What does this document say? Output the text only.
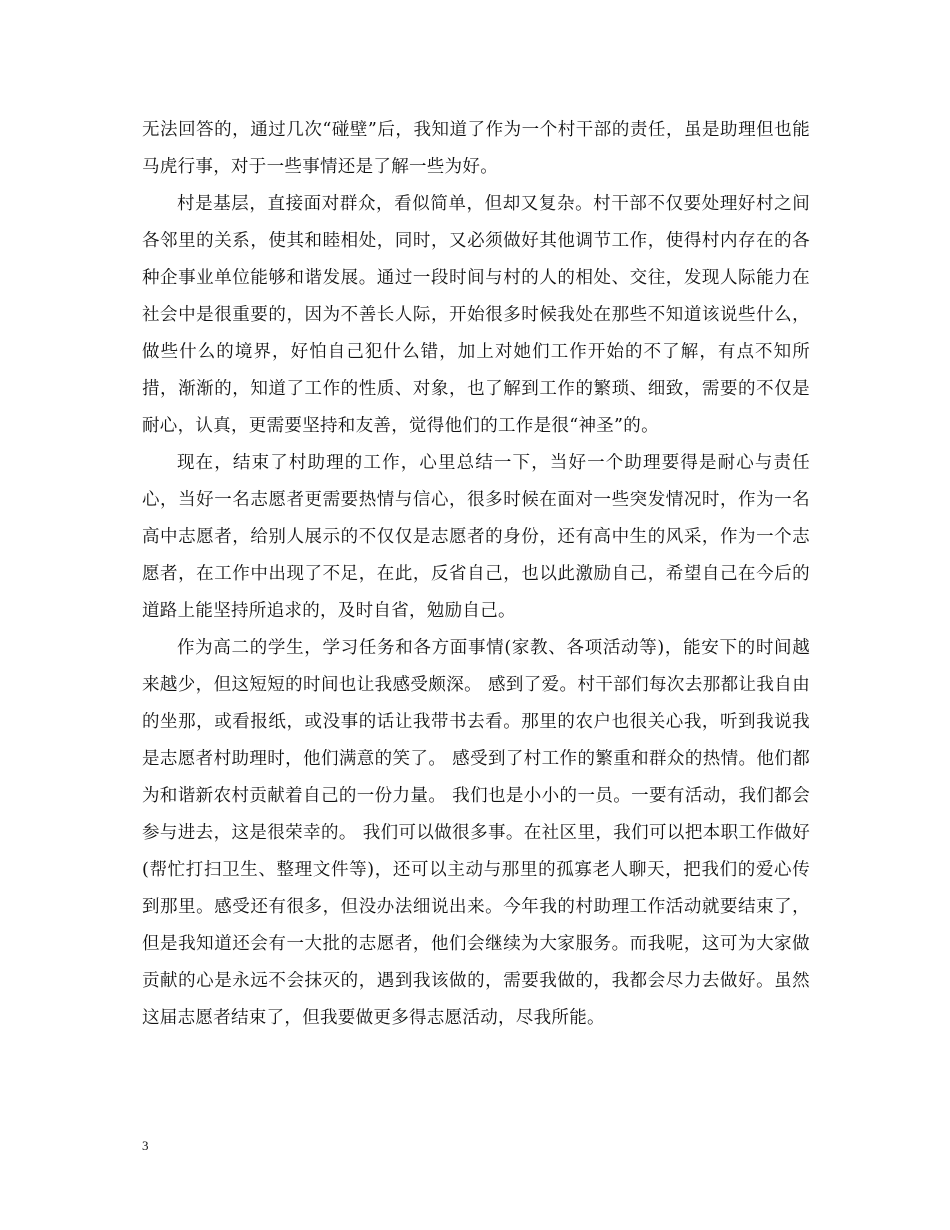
无法回答的，通过几次“碰壁”后，我知道了作为一个村干部的责任，虽是助理但也能马虎行事，对于一些事情还是了解一些为好。

村是基层，直接面对群众，看似简单，但却又复杂。村干部不仅要处理好村之间各邻里的关系，使其和睦相处，同时，又必须做好其他调节工作，使得村内存在的各种企事业单位能够和谐发展。通过一段时间与村的人的相处、交往，发现人际能力在社会中是很重要的，因为不善长人际，开始很多时候我处在那些不知道该说些什么，做些什么的境界，好怕自己犯什么错，加上对她们工作开始的不了解，有点不知所措，渐渐的，知道了工作的性质、对象，也了解到工作的繁琐、细致，需要的不仅是耐心，认真，更需要坚持和友善，觉得他们的工作是很“神圣”的。

现在，结束了村助理的工作，心里总结一下，当好一个助理要得是耐心与责任心，当好一名志愿者更需要热情与信心，很多时候在面对一些突发情况时，作为一名高中志愿者，给别人展示的不仅仅是志愿者的身份，还有高中生的风采，作为一个志愿者，在工作中出现了不足，在此，反省自己，也以此激励自己，希望自己在今后的道路上能坚持所追求的，及时自省，勉励自己。

作为高二的学生，学习任务和各方面事情(家教、各项活动等)，能安下的时间越来越少，但这短短的时间也让我感受颇深。 感到了爱。村干部们每次去那都让我自由的坐那，或看报纸，或没事的话让我带书去看。那里的农户也很关心我，听到我说我是志愿者村助理时，他们满意的笑了。 感受到了村工作的繁重和群众的热情。他们都为和谐新农村贡献着自己的一份力量。 我们也是小小的一员。一要有活动，我们都会参与进去，这是很荣幸的。 我们可以做很多事。在社区里，我们可以把本职工作做好(帮忙打扫卫生、整理文件等)，还可以主动与那里的孤寡老人聊天，把我们的爱心传到那里。感受还有很多，但没办法细说出来。今年我的村助理工作活动就要结束了，但是我知道还会有一大批的志愿者，他们会继续为大家服务。而我呢，这可为大家做贡献的心是永远不会抹灭的，遇到我该做的，需要我做的，我都会尽力去做好。虽然这届志愿者结束了，但我要做更多得志愿活动，尽我所能。

3
